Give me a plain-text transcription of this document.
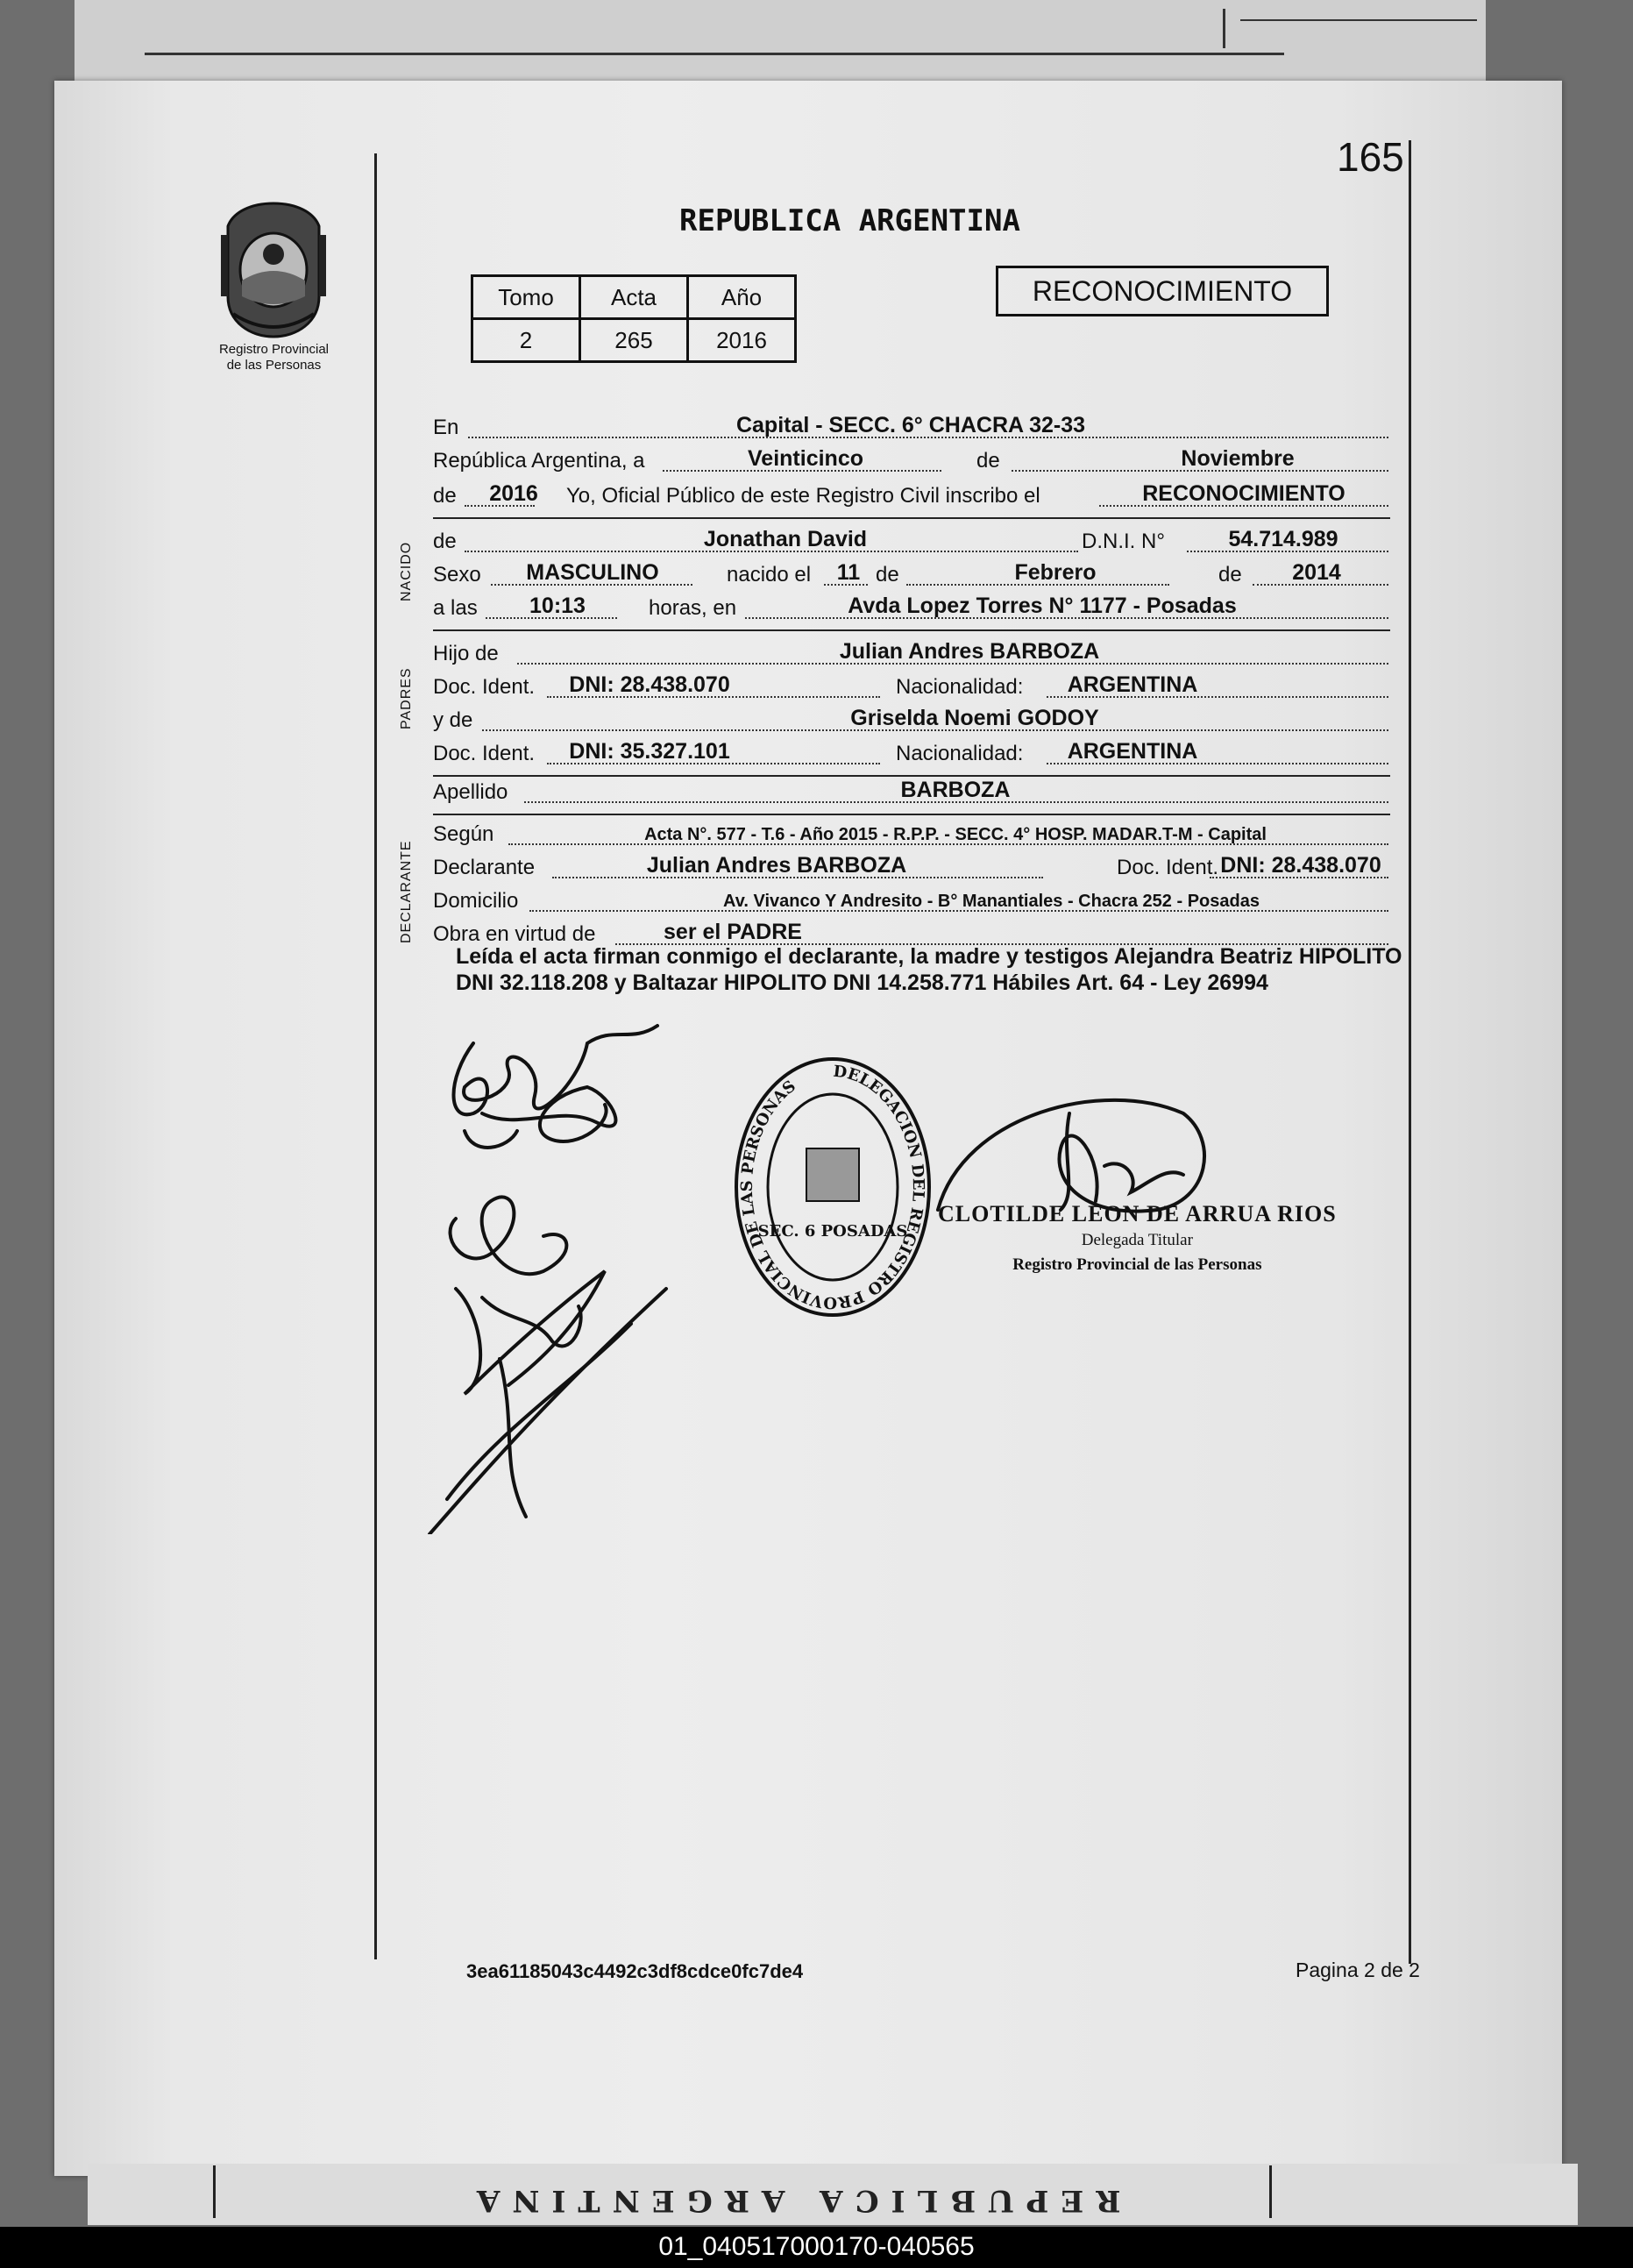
165
Registro Provincial
de las Personas
REPUBLICA ARGENTINA
Tomo	Acta	Año
2	265	2016
RECONOCIMIENTO
En	Capital - SECC. 6° CHACRA 32-33
República Argentina, a	Veinticinco	de	Noviembre
de 2016 Yo, Oficial Público de este Registro Civil inscribo el	RECONOCIMIENTO
de	Jonathan David	D.N.I. N°	54.714.989
Sexo MASCULINO	nacido el 11 de	Febrero	de 2014
a las 10:13	horas, en	Avda Lopez Torres N° 1177 - Posadas
Hijo de	Julian Andres BARBOZA
Doc. Ident. DNI: 28.438.070	Nacionalidad: ARGENTINA
y de	Griselda Noemi GODOY
Doc. Ident. DNI: 35.327.101	Nacionalidad: ARGENTINA
Apellido	BARBOZA
Según	Acta N°. 577 - T.6 - Año 2015 - R.P.P. - SECC. 4° HOSP. MADAR.T-M - Capital
Declarante	Julian Andres BARBOZA	Doc. Ident. DNI: 28.438.070
Domicilio	Av. Vivanco Y Andresito - B° Manantiales - Chacra 252 - Posadas
Obra en virtud de	ser el PADRE
NACIDO
PADRES
DECLARANTE
Leída el acta firman conmigo el declarante, la madre y testigos Alejandra Beatriz HIPOLITO DNI 32.118.208 y Baltazar HIPOLITO DNI 14.258.771 Hábiles Art. 64 - Ley 26994
DELEGACION DEL REGISTRO PROVINCIAL DE LAS PERSONAS
SEC. 6 POSADAS
CLOTILDE LEON DE ARRUA RIOS
Delegada Titular
Registro Provincial de las Personas
3ea61185043c4492c3df8cdce0fc7de4	Pagina 2 de 2
REPUBLICA ARGENTINA
01_040517000170-040565
